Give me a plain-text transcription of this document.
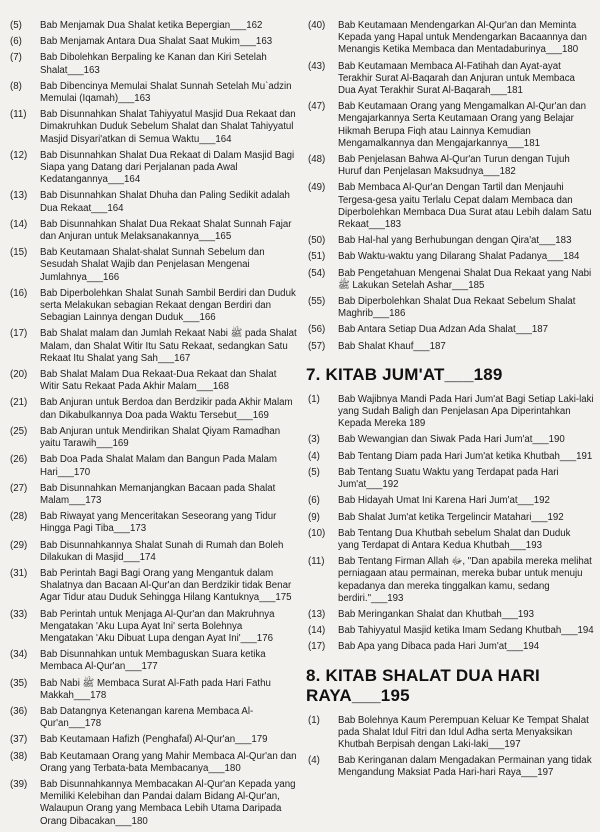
(5)	Bab Menjamak Dua Shalat ketika Bepergian___162
(6)	Bab Menjamak Antara Dua Shalat Saat Mukim___163
(7)	Bab Dibolehkan Berpaling ke Kanan dan Kiri Setelah Shalat___163
(8)	Bab Dibencinya Memulai Shalat Sunnah Setelah Mu`adzin Memulai (Iqamah)___163
(11)	Bab Disunnahkan Shalat Tahiyyatul Masjid Dua Rekaat dan Dimakruhkan Duduk Sebelum Shalat dan Shalat Tahiyyatul Masjid Disyari'atkan di Semua Waktu___164
(12)	Bab Disunnahkan Shalat Dua Rekaat di Dalam Masjid Bagi Siapa yang Datang dari Perjalanan pada Awal Kedatangannya___164
(13)	Bab Disunnahkan Shalat Dhuha dan Paling Sedikit adalah Dua Rekaat___164
(14)	Bab Disunnahkan Shalat Dua Rekaat Shalat Sunnah Fajar dan Anjuran untuk Melaksanakannya___165
(15)	Bab Keutamaan Shalat-shalat Sunnah Sebelum dan Sesudah Shalat Wajib dan Penjelasan Mengenai Jumlahnya___166
(16)	Bab Diperbolehkan Shalat Sunah Sambil Berdiri dan Duduk serta Melakukan sebagian Rekaat dengan Berdiri dan Sebagian Lainnya dengan Duduk___166
(17)	Bab Shalat malam dan Jumlah Rekaat Nabi ﷺ pada Shalat Malam, dan Shalat Witir Itu Satu Rekaat, sedangkan Satu Rekaat Itu Shalat yang Sah___167
(20)	Bab Shalat Malam Dua Rekaat-Dua Rekaat dan Shalat Witir Satu Rekaat Pada Akhir Malam___168
(21)	Bab Anjuran untuk Berdoa dan Berdzikir pada Akhir Malam dan Dikabulkannya Doa pada Waktu Tersebut___169
(25)	Bab Anjuran untuk Mendirikan Shalat Qiyam Ramadhan yaitu Tarawih___169
(26)	Bab Doa Pada Shalat Malam dan Bangun Pada Malam Hari___170
(27)	Bab Disunnahkan Memanjangkan Bacaan pada Shalat Malam___173
(28)	Bab Riwayat yang Menceritakan Seseorang yang Tidur Hingga Pagi Tiba___173
(29)	Bab Disunnahkannya Shalat Sunah di Rumah dan Boleh Dilakukan di Masjid___174
(31)	Bab Perintah Bagi Bagi Orang yang Mengantuk dalam Shalatnya dan Bacaan Al-Qur'an dan Berdzikir tidak Benar Agar Tidur atau Duduk Sehingga Hilang Kantuknya___175
(33)	Bab Perintah untuk Menjaga Al-Qur'an dan Makruhnya Mengatakan 'Aku Lupa Ayat Ini' serta Bolehnya Mengatakan 'Aku Dibuat Lupa dengan Ayat Ini'___176
(34)	Bab Disunnahkan untuk Membaguskan Suara ketika Membaca Al-Qur'an___177
(35)	Bab Nabi ﷺ Membaca Surat Al-Fath pada Hari Fathu Makkah___178
(36)	Bab Datangnya Ketenangan karena Membaca Al-Qur'an___178
(37)	Bab Keutamaan Hafizh (Penghafal) Al-Qur'an___179
(38)	Bab Keutamaan Orang yang Mahir Membaca Al-Qur'an dan Orang yang Terbata-bata Membacanya___180
(39)	Bab Disunnahkannya Membacakan Al-Qur'an Kepada yang Memiliki Kelebihan dan Pandai dalam Bidang Al-Qur'an, Walaupun Orang yang Membaca Lebih Utama Daripada Orang Dibacakan___180
(40)	Bab Keutamaan Mendengarkan Al-Qur'an dan Meminta Kepada yang Hapal untuk Mendengarkan Bacaannya dan Menangis Ketika Membaca dan Mentadaburinya___180
(43)	Bab Keutamaan Membaca Al-Fatihah dan Ayat-ayat Terakhir Surat Al-Baqarah dan Anjuran untuk Membaca Dua Ayat Terakhir Surat Al-Baqarah___181
(47)	Bab Keutamaan Orang yang Mengamalkan Al-Qur'an dan Mengajarkannya Serta Keutamaan Orang yang Belajar Hikmah Berupa Fiqh atau Lainnya Kemudian Mengamalkannya dan Mengajarkannya___181
(48)	Bab Penjelasan Bahwa Al-Qur'an Turun dengan Tujuh Huruf dan Penjelasan Maksudnya___182
(49)	Bab Membaca Al-Qur'an Dengan Tartil dan Menjauhi Tergesa-gesa yaitu Terlalu Cepat dalam Membaca dan Diperbolehkan Membaca Dua Surat atau Lebih dalam Satu Rekaat___183
(50)	Bab Hal-hal yang Berhubungan dengan Qira'at___183
(51)	Bab Waktu-waktu yang Dilarang Shalat Padanya___184
(54)	Bab Pengetahuan Mengenai Shalat Dua Rekaat yang Nabi ﷺ Lakukan Setelah Ashar___185
(55)	Bab Diperbolehkan Shalat Dua Rekaat Sebelum Shalat Maghrib___186
(56)	Bab Antara Setiap Dua Adzan Ada Shalat___187
(57)	Bab Shalat Khauf___187
7. KITAB JUM'AT___189
(1)	Bab Wajibnya Mandi Pada Hari Jum'at Bagi Setiap Laki-laki yang Sudah Baligh dan Penjelasan Apa Diperintahkan Kepada Mereka 189
(3)	Bab Wewangian dan Siwak Pada Hari Jum'at___190
(4)	Bab Tentang Diam pada Hari Jum'at ketika Khutbah___191
(5)	Bab Tentang Suatu Waktu yang Terdapat pada Hari Jum'at___192
(6)	Bab Hidayah Umat Ini Karena Hari Jum'at___192
(9)	Bab Shalat Jum'at ketika Tergelincir Matahari___192
(10)	Bab Tentang Dua Khutbah sebelum Shalat dan Duduk yang Terdapat di Antara Kedua Khutbah___193
(11)	Bab Tentang Firman Allah ﷻ, "Dan apabila mereka melihat perniagaan atau permainan, mereka bubar untuk menuju kepadanya dan mereka tinggalkan kamu, sedang berdiri."___193
(13)	Bab Meringankan Shalat dan Khutbah___193
(14)	Bab Tahiyyatul Masjid ketika Imam Sedang Khutbah___194
(17)	Bab Apa yang Dibaca pada Hari Jum'at___194
8. KITAB SHALAT DUA HARI RAYA___195
(1)	Bab Bolehnya Kaum Perempuan Keluar Ke Tempat Shalat pada Shalat Idul Fitri dan Idul Adha serta Menyaksikan Khutbah Berpisah dengan Laki-laki___197
(4)	Bab Keringanan dalam Mengadakan Permainan yang tidak Mengandung Maksiat Pada Hari-hari Raya___197
